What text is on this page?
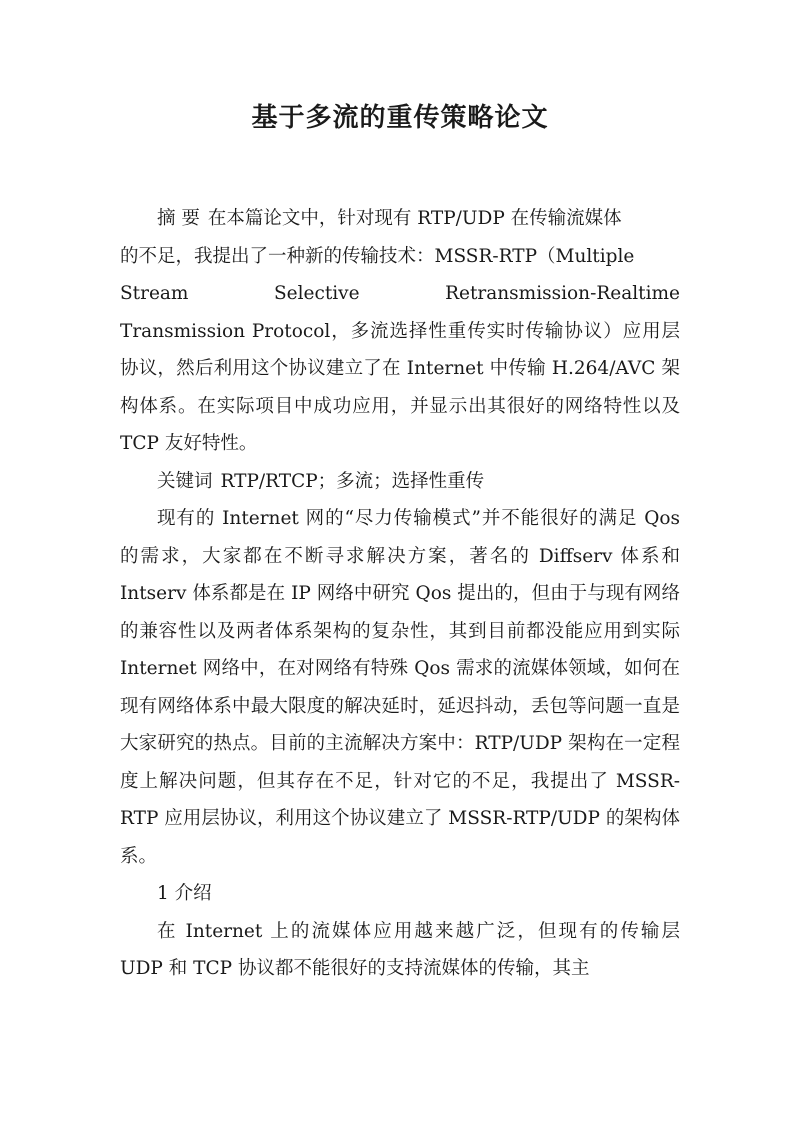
基于多流的重传策略论文

摘 要 在本篇论文中，针对现有 RTP/UDP 在传输流媒体

的不足，我提出了一种新的传输技术：MSSR-RTP（Multiple
Stream	Selective	Retransmission-Realtime

Transmission Protocol，多流选择性重传实时传输协议）应用层协议，然后利用这个协议建立了在 Internet 中传输 H.264/AVC 架构体系。在实际项目中成功应用，并显示出其很好的网络特性以及 TCP 友好特性。

关键词 RTP/RTCP；多流；选择性重传

现有的 Internet 网的“尽力传输模式”并不能很好的满足 Qos 的需求，大家都在不断寻求解决方案，著名的 Diffserv 体系和 Intserv 体系都是在 IP 网络中研究 Qos 提出的，但由于与现有网络的兼容性以及两者体系架构的复杂性，其到目前都没能应用到实际 Internet 网络中，在对网络有特殊 Qos 需求的流媒体领域，如何在现有网络体系中最大限度的解决延时，延迟抖动，丢包等问题一直是大家研究的热点。目前的主流解决方案中：RTP/UDP 架构在一定程度上解决问题，但其存在不足，针对它的不足，我提出了 MSSR-RTP 应用层协议，利用这个协议建立了 MSSR-RTP/UDP 的架构体系。

1 介绍

在 Internet 上的流媒体应用越来越广泛，但现有的传输层 UDP 和 TCP 协议都不能很好的支持流媒体的传输，其主
